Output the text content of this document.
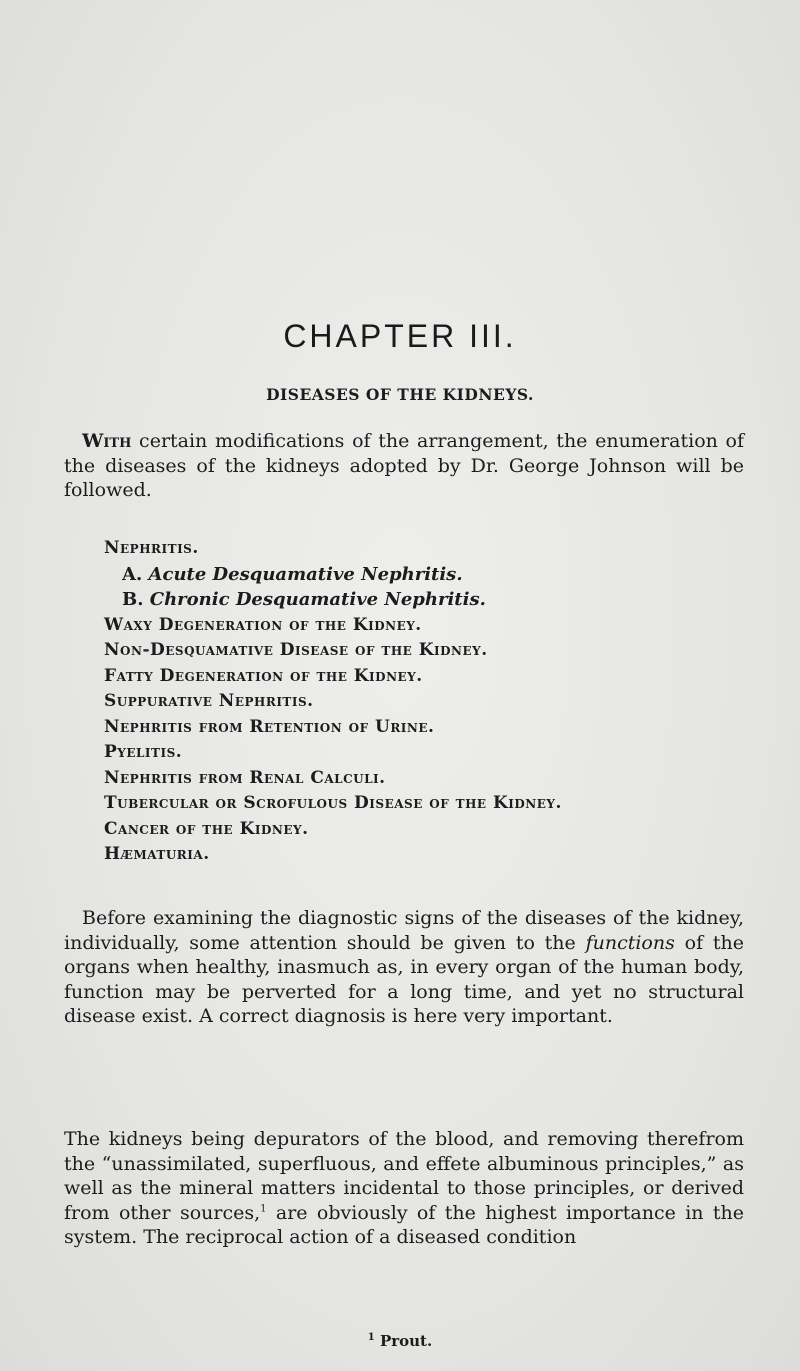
CHAPTER III.
DISEASES OF THE KIDNEYS.
With certain modifications of the arrangement, the enumeration of the diseases of the kidneys adopted by Dr. George Johnson will be followed.
Nephritis.
A. Acute Desquamative Nephritis.
B. Chronic Desquamative Nephritis.
Waxy Degeneration of the Kidney.
Non-Desquamative Disease of the Kidney.
Fatty Degeneration of the Kidney.
Suppurative Nephritis.
Nephritis from Retention of Urine.
Pyelitis.
Nephritis from Renal Calculi.
Tubercular or Scrofulous Disease of the Kidney.
Cancer of the Kidney.
Hæmaturia.
Before examining the diagnostic signs of the diseases of the kidney, individually, some attention should be given to the functions of the organs when healthy, inasmuch as, in every organ of the human body, function may be perverted for a long time, and yet no structural disease exist. A correct diagnosis is here very important.
The kidneys being depurators of the blood, and removing therefrom the “unassimilated, superfluous, and effete albuminous principles,” as well as the mineral matters incidental to those principles, or derived from other sources,$^1$ are obviously of the highest importance in the system. The reciprocal action of a diseased condition
$^1$ Prout.
